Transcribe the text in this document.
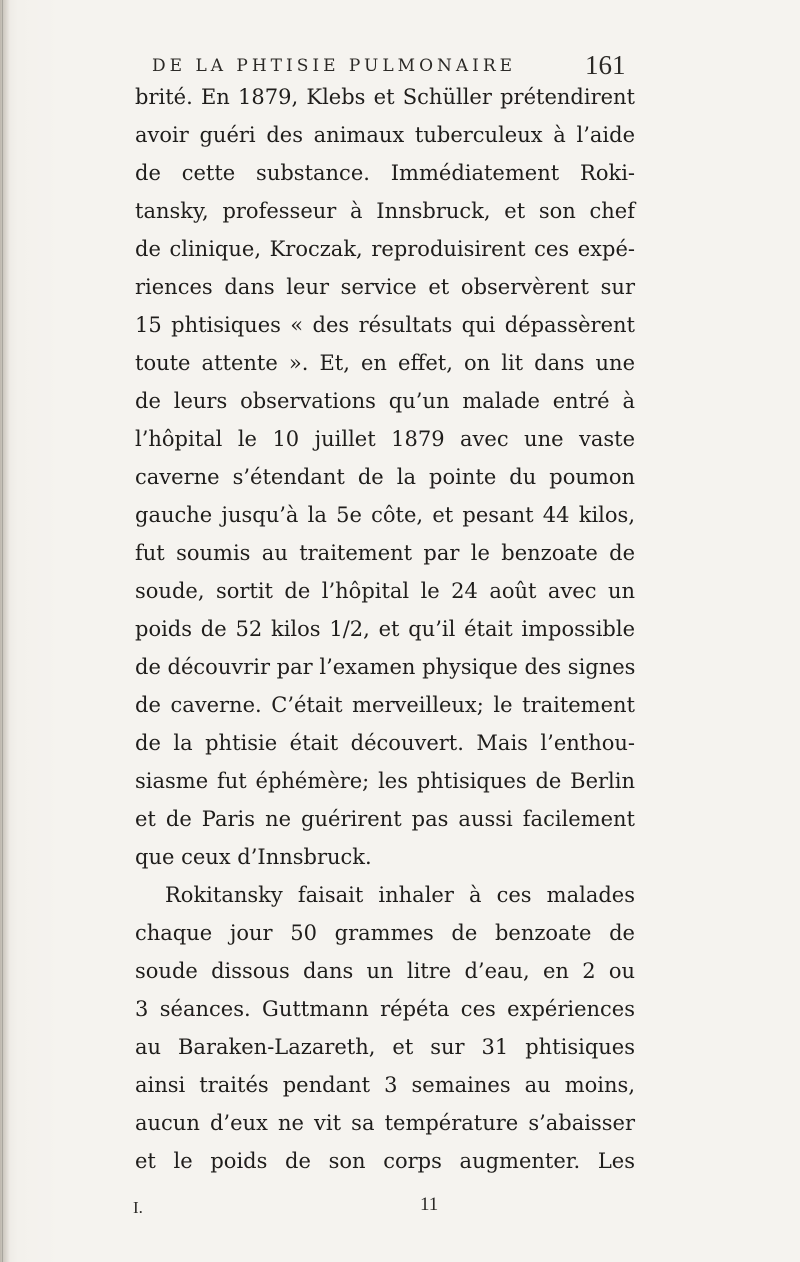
DE LA PHTISIE PULMONAIRE	161
brité. En 1879, Klebs et Schüller prétendirent
avoir guéri des animaux tuberculeux à l’aide
de cette substance. Immédiatement Roki-
tansky, professeur à Innsbruck, et son chef
de clinique, Kroczak, reproduisirent ces expé-
riences dans leur service et observèrent sur
15 phtisiques « des résultats qui dépassèrent
toute attente ». Et, en effet, on lit dans une
de leurs observations qu’un malade entré à
l’hôpital le 10 juillet 1879 avec une vaste
caverne s’étendant de la pointe du poumon
gauche jusqu’à la 5e côte, et pesant 44 kilos,
fut soumis au traitement par le benzoate de
soude, sortit de l’hôpital le 24 août avec un
poids de 52 kilos 1/2, et qu’il était impossible
de découvrir par l’examen physique des signes
de caverne. C’était merveilleux; le traitement
de la phtisie était découvert. Mais l’enthou-
siasme fut éphémère; les phtisiques de Berlin
et de Paris ne guérirent pas aussi facilement
que ceux d’Innsbruck.
Rokitansky faisait inhaler à ces malades
chaque jour 50 grammes de benzoate de
soude dissous dans un litre d’eau, en 2 ou
3 séances. Guttmann répéta ces expériences
au Baraken-Lazareth, et sur 31 phtisiques
ainsi traités pendant 3 semaines au moins,
aucun d’eux ne vit sa température s’abaisser
et le poids de son corps augmenter. Les
I.	11
